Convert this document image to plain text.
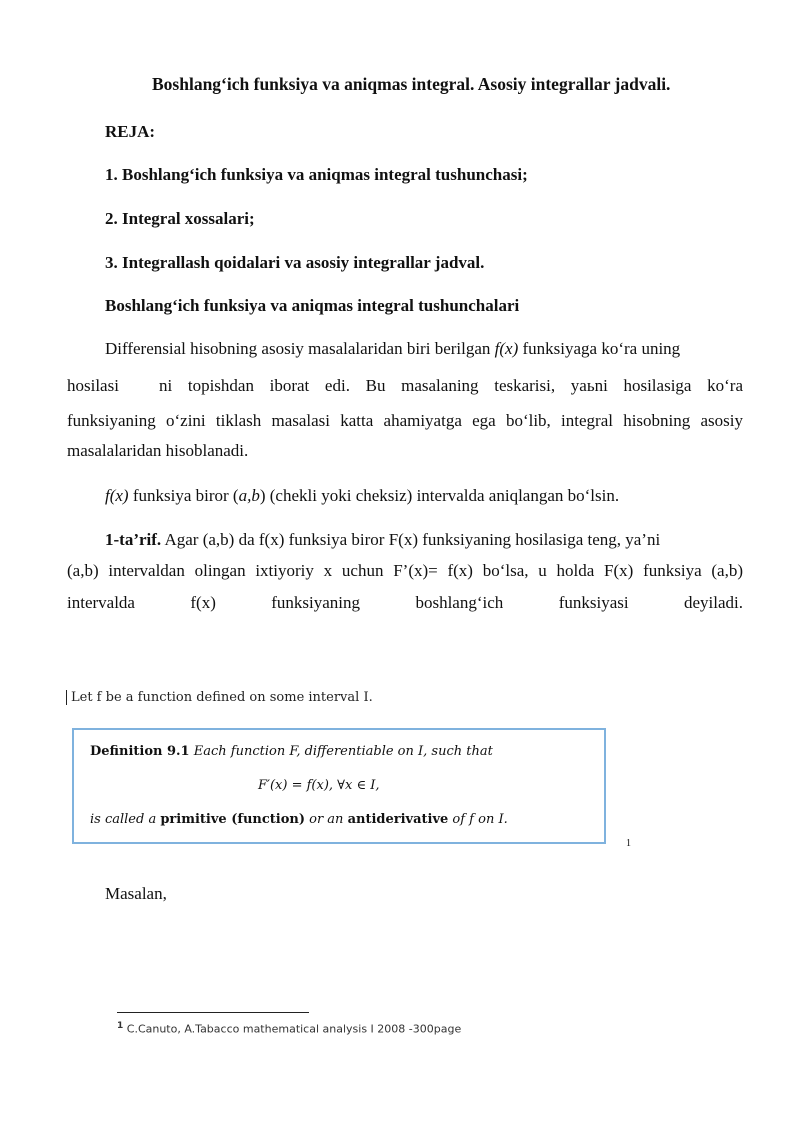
Boshlang‘ich funksiya va aniqmas integral. Asosiy integrallar jadvali.
REJA:
1. Boshlang‘ich funksiya va aniqmas integral tushunchasi;
2. Integral xossalari;
3. Integrallash qoidalari va asosiy integrallar jadval.
Boshlang‘ich funksiya va aniqmas integral tushunchalari
Differensial hisobning asosiy masalalaridan biri berilgan f(x) funksiyaga ko‘ra uning
hosilasi ni topishdan iborat edi. Bu masalaning teskarisi, yaьni hosilasiga ko‘ra
funksiyaning o‘zini tiklash masalasi katta ahamiyatga ega bo‘lib, integral hisobning asosiy
masalalaridan hisoblanadi.
f(x) funksiya biror (a,b) (chekli yoki cheksiz) intervalda aniqlangan bo‘lsin.
1-ta’rif. Agar (a,b) da f(x) funksiya biror F(x) funksiyaning hosilasiga teng, ya’ni
(a,b) intervaldan olingan ixtiyoriy x uchun F’(x)= f(x) bo‘lsa, u holda F(x) funksiya (a,b)
intervalda	f(x)	funksiyaning	boshlang‘ich	funksiyasi	deyiladi.
Let f be a function defined on some interval I.
Definition 9.1 Each function F, differentiable on I, such that
F′(x) = f(x), ∀x ∈ I,
is called a primitive (function) or an antiderivative of f on I.
1
Masalan,
$^1$ C.Canuto, A.Tabacco mathematical analysis I 2008 -300page
